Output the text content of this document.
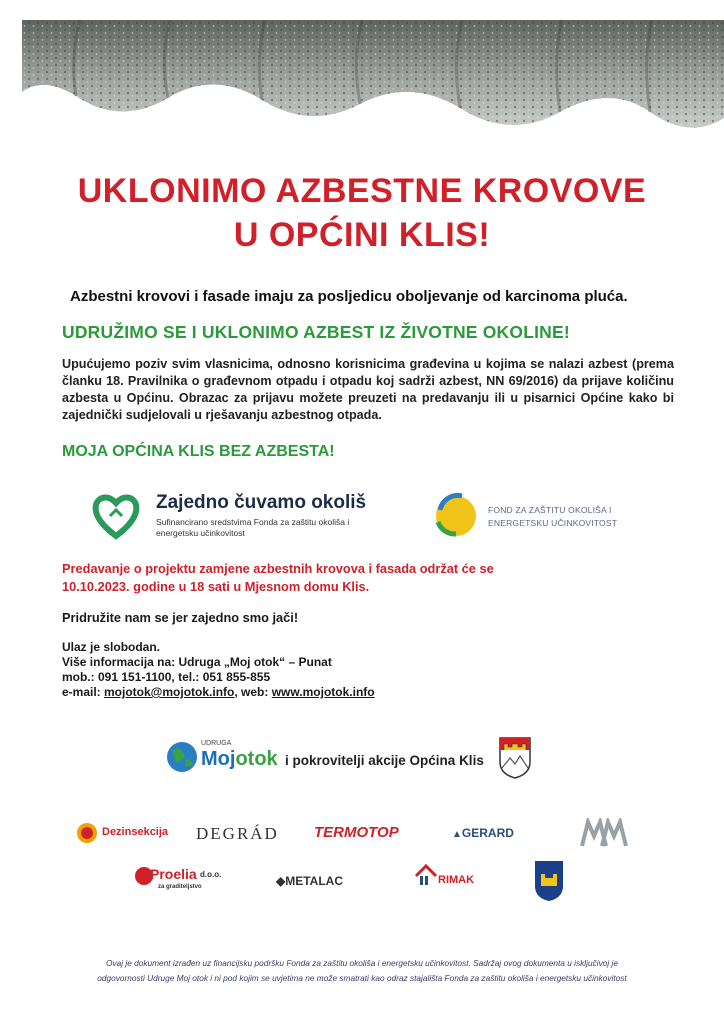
UKLONIMO AZBESTNE KROVOVE
U OPĆINI KLIS!
Azbestni krovovi i fasade imaju za posljedicu oboljevanje od karcinoma pluća.
UDRUŽIMO SE I UKLONIMO AZBEST IZ ŽIVOTNE OKOLINE!
Upućujemo poziv svim vlasnicima, odnosno korisnicima građevina u kojima se nalazi azbest (prema članku 18. Pravilnika o građevnom otpadu i otpadu koj sadrži azbest, NN 69/2016) da prijave količinu azbesta u Općinu. Obrazac za prijavu možete preuzeti na predavanju ili u pisarnici Općine kako bi zajednički sudjelovali u rješavanju azbestnog otpada.
MOJA OPĆINA KLIS BEZ AZBESTA!
Zajedno čuvamo okoliš
Sufinancirano sredstvima Fonda za zaštitu okoliša i energetsku učinkovitost
FOND ZA ZAŠTITU OKOLIŠA I
ENERGETSKU UČINKOVITOST
Predavanje o projektu zamjene azbestnih krovova i fasada održat će se
10.10.2023. godine u 18 sati u Mjesnom domu Klis.
Pridružite nam se jer zajedno smo jači!
Ulaz je slobodan.
Više informacija na: Udruga „Moj otok“ – Punat
mob.: 091 151-1100, tel.: 051 855-855
e-mail: mojotok@mojotok.info, web: www.mojotok.info
UDRUGA
Mojotok i pokrovitelji akcije Općina Klis
Dezinsekcija DEGRÁD TERMOTOP	▲GERARD
Proelia d.o.o.
za graditeljstvo	◆METALAC	RIMAK
Ovaj je dokument izrađen uz financijsku podršku Fonda za zaštitu okoliša i energetsku učinkovitost. Sadržaj ovog dokumenta u isključivoj je
odgovornosti Udruge Moj otok i ni pod kojim se uvjetima ne može smatrati kao odraz stajališta Fonda za zaštitu okoliša i energetsku učinkovitost
